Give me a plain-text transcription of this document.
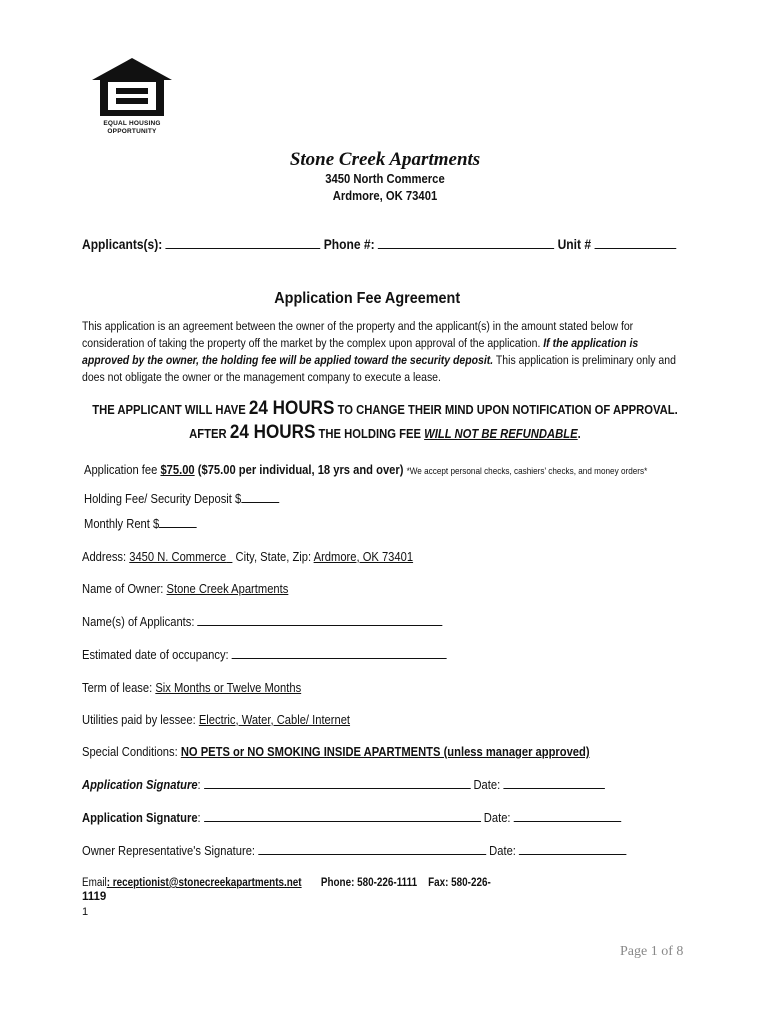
EQUAL HOUSING
OPPORTUNITY
Stone Creek Apartments
3450 North Commerce
Ardmore, OK 73401
Applicants(s):	Phone #:	Unit #
Application Fee Agreement
This application is an agreement between the owner of the property and the applicant(s) in the amount stated below for consideration of taking the property off the market by the complex upon approval of the application. If the application is approved by the owner, the holding fee will be applied toward the security deposit. This application is preliminary only and does not obligate the owner or the management company to execute a lease.
THE APPLICANT WILL HAVE 24 HOURS TO CHANGE THEIR MIND UPON NOTIFICATION OF APPROVAL.
AFTER 24 HOURS THE HOLDING FEE WILL NOT BE REFUNDABLE.
Application fee $75.00 ($75.00 per individual, 18 yrs and over) *We accept personal checks, cashiers' checks, and money orders*
Holding Fee/ Security Deposit $
Monthly Rent $
Address: 3450 N. Commerce City, State, Zip: Ardmore, OK 73401
Name of Owner: Stone Creek Apartments
Name(s) of Applicants:
Estimated date of occupancy:
Term of lease: Six Months or Twelve Months
Utilities paid by lessee: Electric, Water, Cable/ Internet
Special Conditions: NO PETS or NO SMOKING INSIDE APARTMENTS (unless manager approved)
Application Signature:	Date:
Application Signature:	Date:
Owner Representative's Signature:	Date:
Email: receptionist@stonecreekapartments.net Phone: 580-226-1111 Fax: 580-226-
1119
1
Page 1 of 8
